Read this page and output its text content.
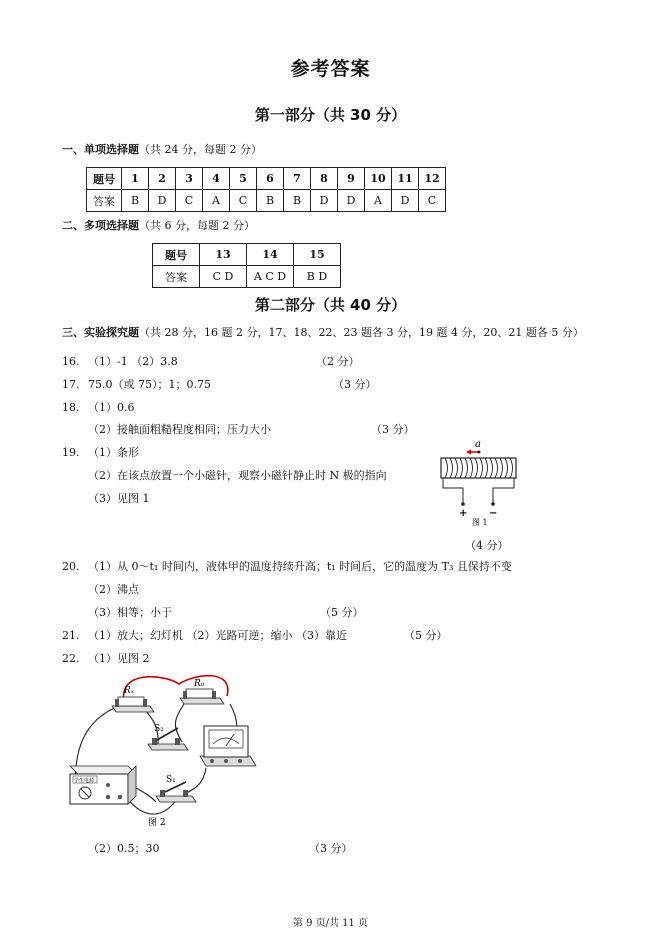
参考答案
第一部分（共 30 分）
一、单项选择题（共 24 分，每题 2 分）
题号	1	2	3	4	5	6	7	8	9	10	11	12
答案	B	D	C	A	C	B	B	D	D	A	D	C
二、多项选择题（共 6 分，每题 2 分）
题号	13	14	15
答案	C D	A C D	B D
第二部分（共 40 分）
三、实验探究题（共 28 分，16 题 2 分，17、18、22、23 题各 3 分，19 题 4 分，20、21 题各 5 分）
16. （1）-1 （2）3.8	（2 分）
17. 75.0（或 75）；1；0.75	（3 分）
18. （1）0.6
（2）接触面粗糙程度相同；压力大小	（3 分）
19. （1）条形
（2）在该点放置一个小磁针，观察小磁针静止时 N 极的指向
（3）见图 1
a
+ −
图 1
（4 分）
20. （1）从 0～t₁ 时间内，液体甲的温度持续升高；t₁ 时间后，它的温度为 T₃ 且保持不变
（2）沸点
（3）相等；小于	（5 分）
21. （1）放大；幻灯机 （2）光路可逆；缩小 （3）靠近	（5 分）
22. （1）见图 2
Rₓ
R₀
S₂
S₁
学生电源
图 2
（2）0.5；30	（3 分）
第 9 页/共 11 页
